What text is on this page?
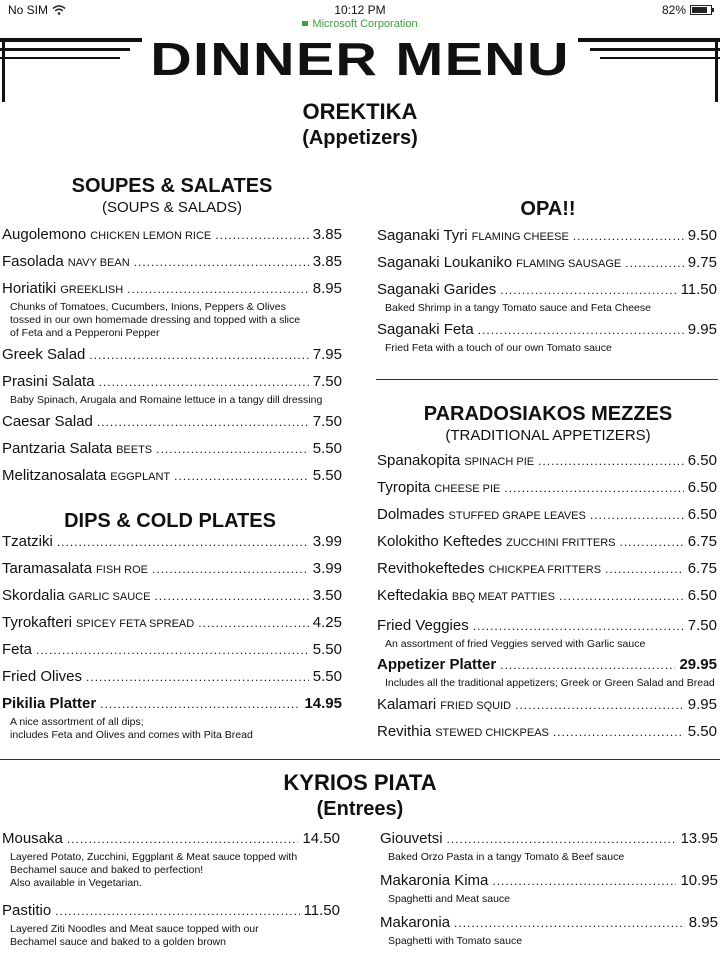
No SIM	10:12 PM	82%
Microsoft Corporation
DINNER MENU
OREKTIKA
(Appetizers)
SOUPES & SALATES
(SOUPS & SALADS)
Augolemono CHICKEN LEMON RICE .....	3.85
Fasolada NAVY BEAN .....	3.85
Horiatiki GREEKLISH .....	8.95
Chunks of Tomatoes, Cucumbers, Inions, Peppers & Olives
tossed in our own homemade dressing and topped with a slice
of Feta and a Pepperoni Pepper
Greek Salad .....	7.95
Prasini Salata .....	7.50
Baby Spinach, Arugala and Romaine lettuce in a tangy dill dressing
Caesar Salad .....	7.50
Pantzaria Salata BEETS .....	5.50
Melitzanosalata EGGPLANT .....	5.50
DIPS & COLD PLATES
Tzatziki .....	3.99
Taramasalata FISH ROE .....	3.99
Skordalia GARLIC SAUCE .....	3.50
Tyrokafteri SPICEY FETA SPREAD .....	4.25
Feta .....	5.50
Fried Olives .....	5.50
Pikilia Platter .....	14.95
A nice assortment of all dips;
includes Feta and Olives and comes with Pita Bread
OPA!!
Saganaki Tyri FLAMING CHEESE .....	9.50
Saganaki Loukaniko FLAMING SAUSAGE .....	9.75
Saganaki Garides .....	11.50
Baked Shrimp in a tangy Tomato sauce and Feta Cheese
Saganaki Feta .....	9.95
Fried Feta with a touch of our own Tomato sauce
PARADOSIAKOS MEZZES
(TRADITIONAL APPETIZERS)
Spanakopita SPINACH PIE .....	6.50
Tyropita CHEESE PIE .....	6.50
Dolmades STUFFED GRAPE LEAVES .....	6.50
Kolokitho Keftedes ZUCCHINI FRITTERS .....	6.75
Revithokeftedes CHICKPEA FRITTERS .....	6.75
Keftedakia BBQ MEAT PATTIES .....	6.50
Fried Veggies .....	7.50
An assortment of fried Veggies served with Garlic sauce
Appetizer Platter .....	29.95
Includes all the traditional appetizers; Greek or Green Salad and Bread
Kalamari FRIED SQUID .....	9.95
Revithia STEWED CHICKPEAS .....	5.50
KYRIOS PIATA
(Entrees)
Mousaka .....	14.50
Layered Potato, Zucchini, Eggplant & Meat sauce topped with
Bechamel sauce and baked to perfection!
Also available in Vegetarian.
Pastitio .....	11.50
Layered Ziti Noodles and Meat sauce topped with our
Bechamel sauce and baked to a golden brown
Giouvetsi .....	13.95
Baked Orzo Pasta in a tangy Tomato & Beef sauce
Makaronia Kima .....	10.95
Spaghetti and Meat sauce
Makaronia .....	8.95
Spaghetti with Tomato sauce
